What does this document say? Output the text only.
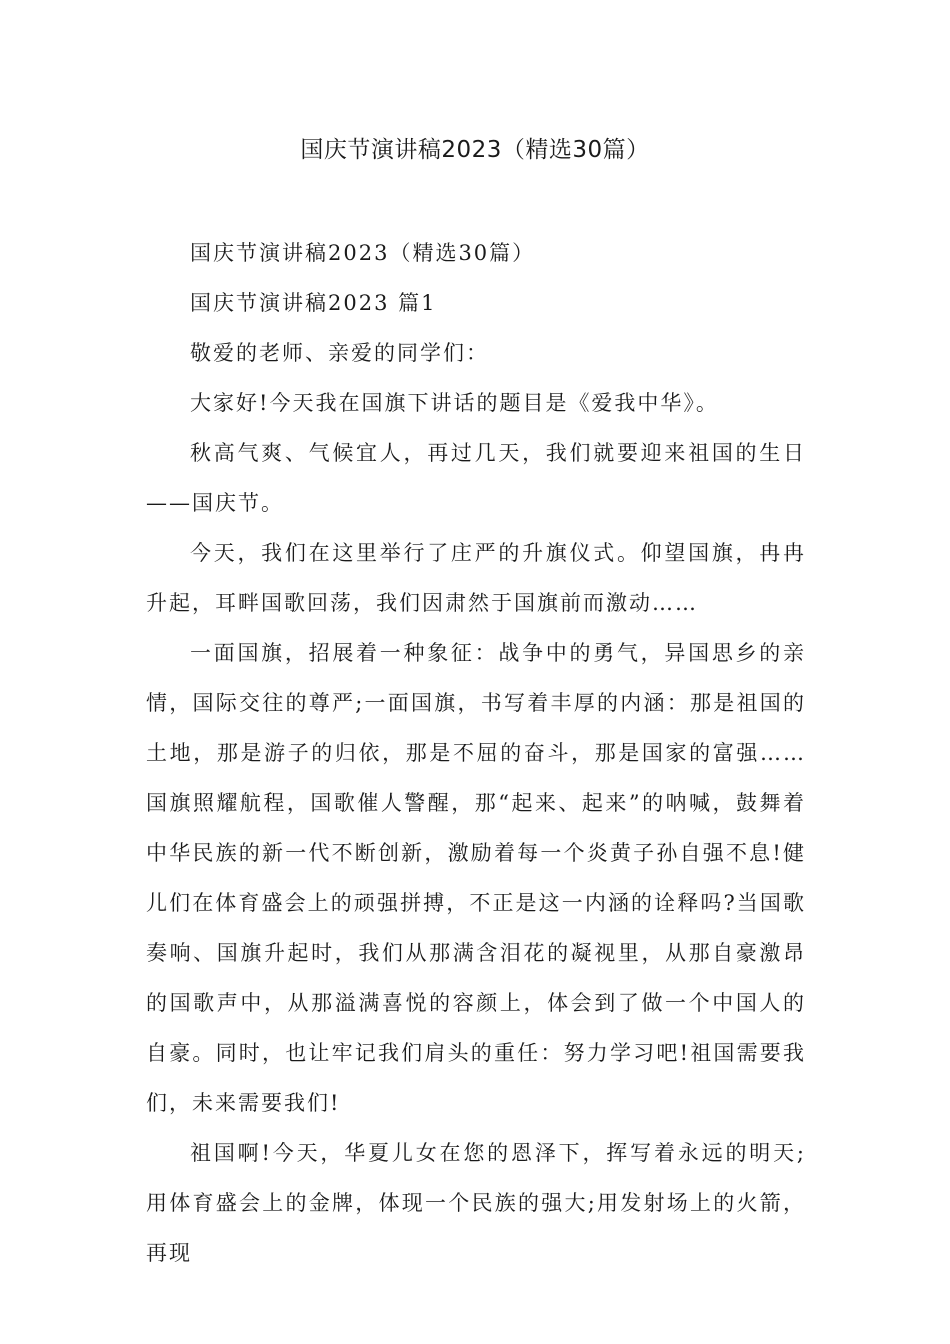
国庆节演讲稿2023（精选30篇）

国庆节演讲稿2023（精选30篇）

国庆节演讲稿2023 篇1

敬爱的老师、亲爱的同学们：

大家好!今天我在国旗下讲话的题目是《爱我中华》。

秋高气爽、气候宜人，再过几天，我们就要迎来祖国的生日——国庆节。

今天，我们在这里举行了庄严的升旗仪式。仰望国旗，冉冉升起，耳畔国歌回荡，我们因肃然于国旗前而激动……

一面国旗，招展着一种象征：战争中的勇气，异国思乡的亲情，国际交往的尊严;一面国旗，书写着丰厚的内涵：那是祖国的土地，那是游子的归依，那是不屈的奋斗，那是国家的富强……国旗照耀航程，国歌催人警醒，那“起来、起来”的呐喊，鼓舞着中华民族的新一代不断创新，激励着每一个炎黄子孙自强不息!健儿们在体育盛会上的顽强拼搏，不正是这一内涵的诠释吗?当国歌奏响、国旗升起时，我们从那满含泪花的凝视里，从那自豪激昂的国歌声中，从那溢满喜悦的容颜上，体会到了做一个中国人的自豪。同时，也让牢记我们肩头的重任：努力学习吧!祖国需要我们，未来需要我们!

祖国啊!今天，华夏儿女在您的恩泽下，挥写着永远的明天;用体育盛会上的金牌，体现一个民族的强大;用发射场上的火箭，再现
